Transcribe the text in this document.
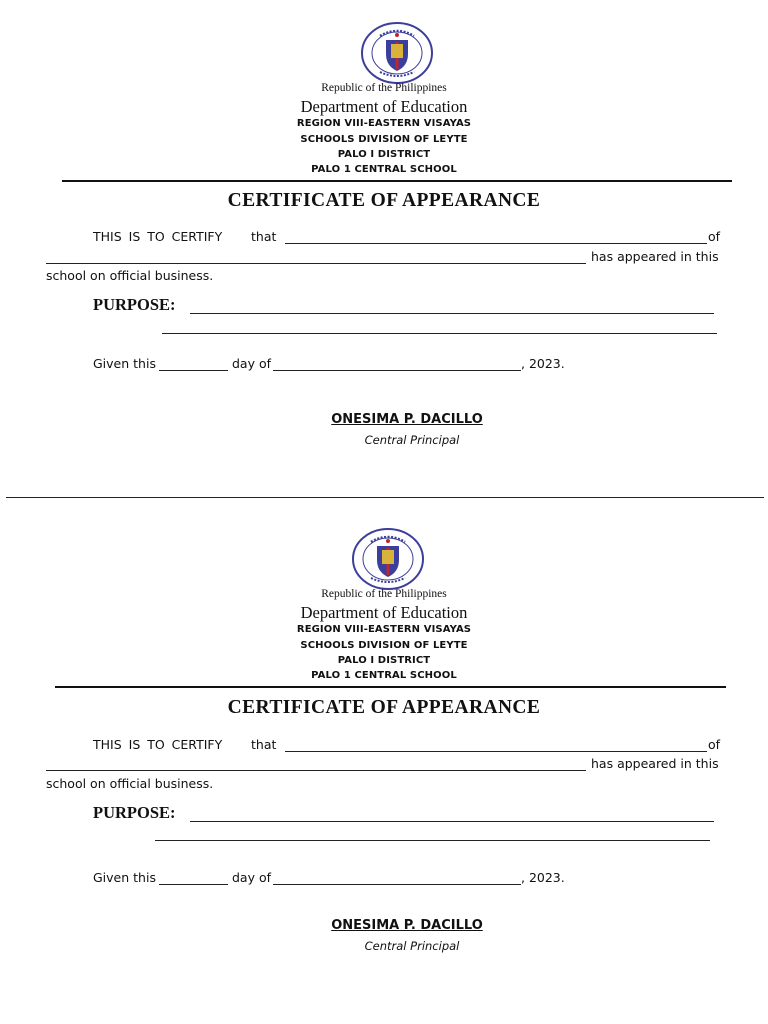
Republic of the Philippines
Department of Education
REGION VIII-EASTERN VISAYAS
SCHOOLS DIVISION OF LEYTE
PALO I DISTRICT
PALO 1 CENTRAL SCHOOL
CERTIFICATE OF APPEARANCE
THIS IS TO CERTIFY that	of
has appeared in this
school on official business.
PURPOSE:
Given this	day of	, 2023.
ONESIMA P. DACILLO
Central Principal
Republic of the Philippines
Department of Education
REGION VIII-EASTERN VISAYAS
SCHOOLS DIVISION OF LEYTE
PALO I DISTRICT
PALO 1 CENTRAL SCHOOL
CERTIFICATE OF APPEARANCE
THIS IS TO CERTIFY that	of
has appeared in this
school on official business.
PURPOSE:
Given this	day of	, 2023.
ONESIMA P. DACILLO
Central Principal
